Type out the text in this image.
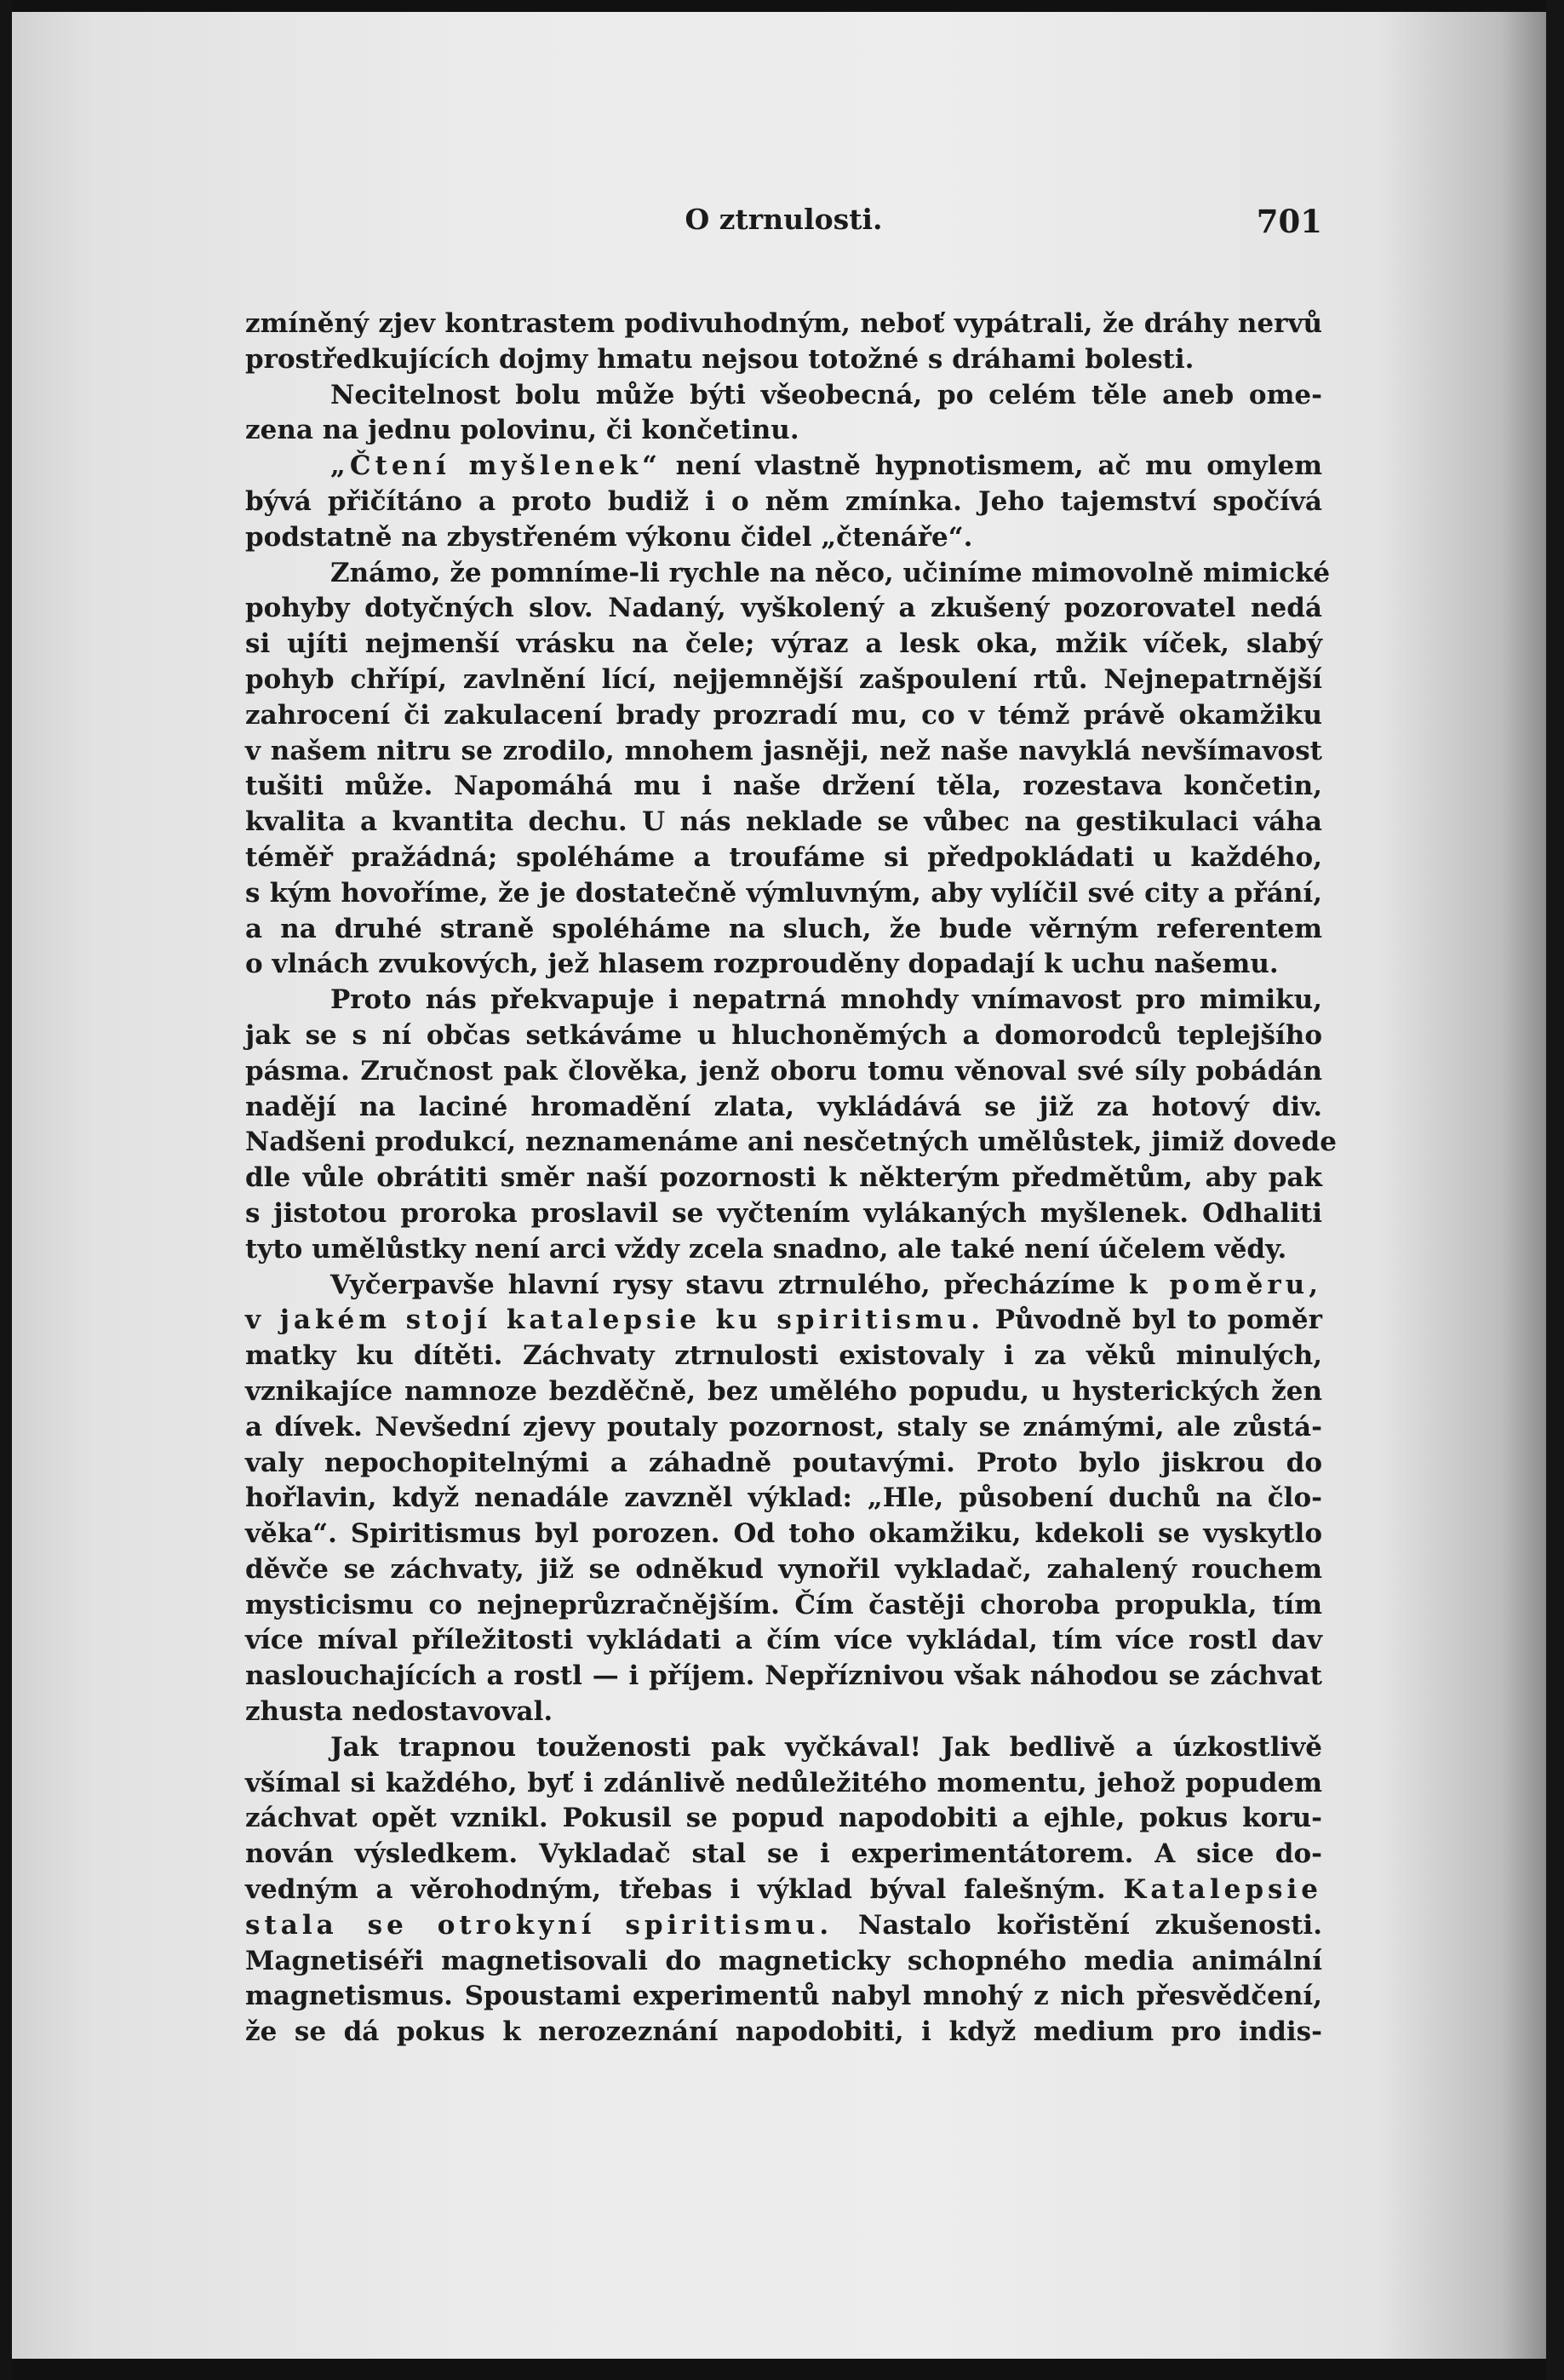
O ztrnulosti.	701
zmíněný zjev kontrastem podivuhodným, neboť vypátrali, že dráhy nervů
prostředkujících dojmy hmatu nejsou totožné s dráhami bolesti.
Necitelnost bolu může býti všeobecná, po celém těle aneb ome-
zena na jednu polovinu, či končetinu.
„Čtení myšlenek“ není vlastně hypnotismem, ač mu omylem
bývá přičítáno a proto budiž i o něm zmínka. Jeho tajemství spočívá
podstatně na zbystřeném výkonu čidel „čtenáře“.
Známo, že pomníme-li rychle na něco, učiníme mimovolně mimické
pohyby dotyčných slov. Nadaný, vyškolený a zkušený pozorovatel nedá
si ujíti nejmenší vrásku na čele; výraz a lesk oka, mžik víček, slabý
pohyb chřípí, zavlnění lící, nejjemnější zašpoulení rtů. Nejnepatrnější
zahrocení či zakulacení brady prozradí mu, co v témž právě okamžiku
v našem nitru se zrodilo, mnohem jasněji, než naše navyklá nevšímavost
tušiti může. Napomáhá mu i naše držení těla, rozestava končetin,
kvalita a kvantita dechu. U nás neklade se vůbec na gestikulaci váha
téměř pražádná; spoléháme a troufáme si předpokládati u každého,
s kým hovoříme, že je dostatečně výmluvným, aby vylíčil své city a přání,
a na druhé straně spoléháme na sluch, že bude věrným referentem
o vlnách zvukových, jež hlasem rozprouděny dopadají k uchu našemu.
Proto nás překvapuje i nepatrná mnohdy vnímavost pro mimiku,
jak se s ní občas setkáváme u hluchoněmých a domorodců teplejšího
pásma. Zručnost pak člověka, jenž oboru tomu věnoval své síly pobádán
nadějí na laciné hromadění zlata, vykládává se již za hotový div.
Nadšeni produkcí, neznamenáme ani nesčetných umělůstek, jimiž dovede
dle vůle obrátiti směr naší pozornosti k některým předmětům, aby pak
s jistotou proroka proslavil se vyčtením vylákaných myšlenek. Odhaliti
tyto umělůstky není arci vždy zcela snadno, ale také není účelem vědy.
Vyčerpavše hlavní rysy stavu ztrnulého, přecházíme k poměru,
v jakém stojí katalepsie ku spiritismu. Původně byl to poměr
matky ku dítěti. Záchvaty ztrnulosti existovaly i za věků minulých,
vznikajíce namnoze bezděčně, bez umělého popudu, u hysterických žen
a dívek. Nevšední zjevy poutaly pozornost, staly se známými, ale zůstá-
valy nepochopitelnými a záhadně poutavými. Proto bylo jiskrou do
hořlavin, když nenadále zavzněl výklad: „Hle, působení duchů na člo-
věka“. Spiritismus byl porozen. Od toho okamžiku, kdekoli se vyskytlo
děvče se záchvaty, již se odněkud vynořil vykladač, zahalený rouchem
mysticismu co nejneprůzračnějším. Čím častěji choroba propukla, tím
více míval příležitosti vykládati a čím více vykládal, tím více rostl dav
naslouchajících a rostl — i příjem. Nepříznivou však náhodou se záchvat
zhusta nedostavoval.
Jak trapnou touženosti pak vyčkával! Jak bedlivě a úzkostlivě
všímal si každého, byť i zdánlivě nedůležitého momentu, jehož popudem
záchvat opět vznikl. Pokusil se popud napodobiti a ejhle, pokus koru-
nován výsledkem. Vykladač stal se i experimentátorem. A sice do-
vedným a věrohodným, třebas i výklad býval falešným. Katalepsie
stala se otrokyní spiritismu. Nastalo kořistění zkušenosti.
Magnetiséři magnetisovali do magneticky schopného media animální
magnetismus. Spoustami experimentů nabyl mnohý z nich přesvědčení,
že se dá pokus k nerozeznání napodobiti, i když medium pro indis-
